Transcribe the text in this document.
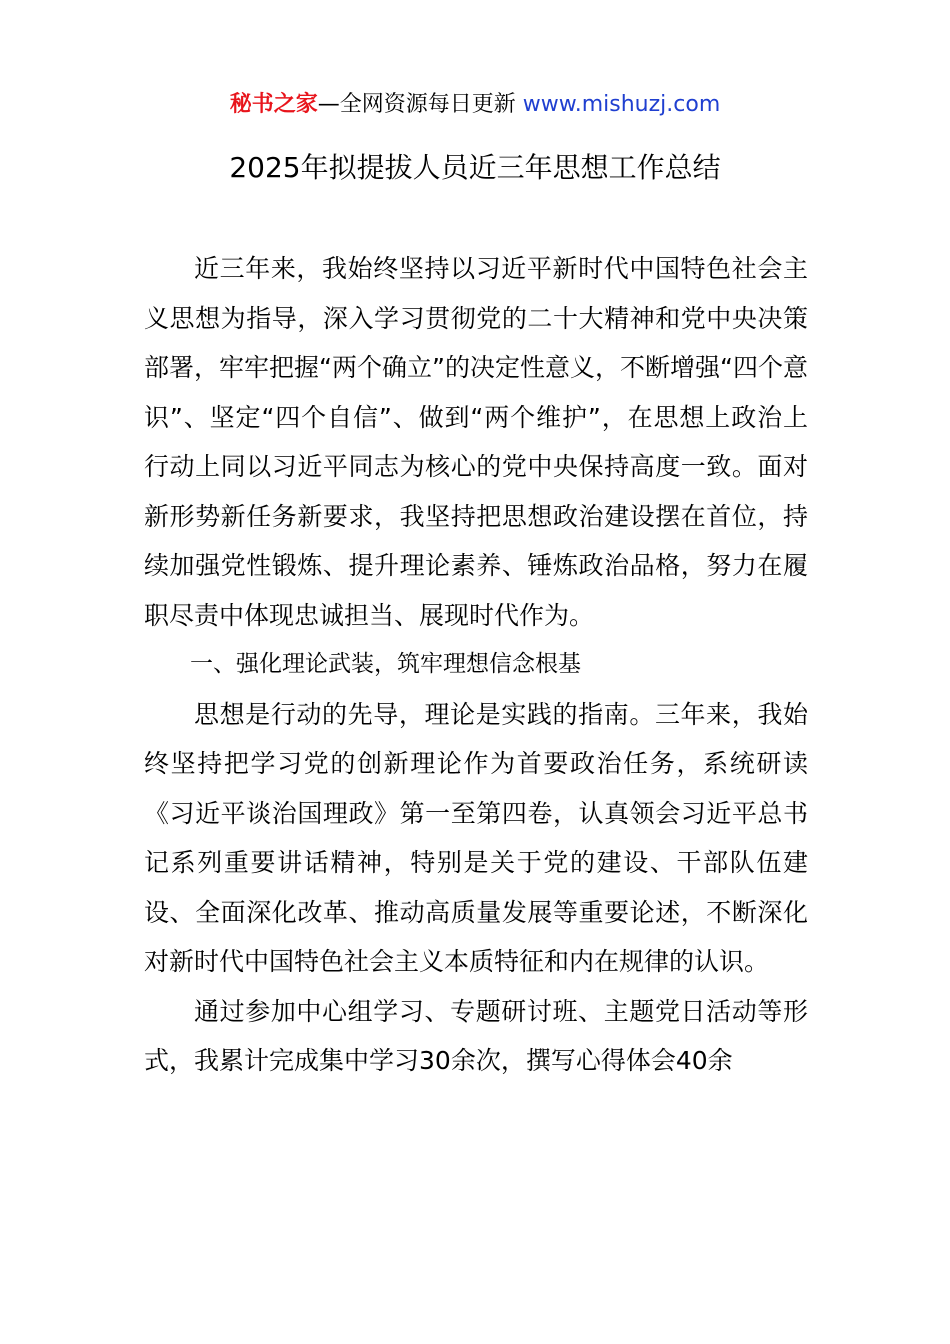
秘书之家—全网资源每日更新 www.mishuzj.com
2025年拟提拔人员近三年思想工作总结

近三年来，我始终坚持以习近平新时代中国特色社会主义思想为指导，深入学习贯彻党的二十大精神和党中央决策部署，牢牢把握“两个确立”的决定性意义，不断增强“四个意识”、坚定“四个自信”、做到“两个维护”，在思想上政治上行动上同以习近平同志为核心的党中央保持高度一致。面对新形势新任务新要求，我坚持把思想政治建设摆在首位，持续加强党性锻炼、提升理论素养、锤炼政治品格，努力在履职尽责中体现忠诚担当、展现时代作为。

一、强化理论武装，筑牢理想信念根基

思想是行动的先导，理论是实践的指南。三年来，我始终坚持把学习党的创新理论作为首要政治任务，系统研读《习近平谈治国理政》第一至第四卷，认真领会习近平总书记系列重要讲话精神，特别是关于党的建设、干部队伍建设、全面深化改革、推动高质量发展等重要论述，不断深化对新时代中国特色社会主义本质特征和内在规律的认识。

通过参加中心组学习、专题研讨班、主题党日活动等形式，我累计完成集中学习30余次，撰写心得体会40余
